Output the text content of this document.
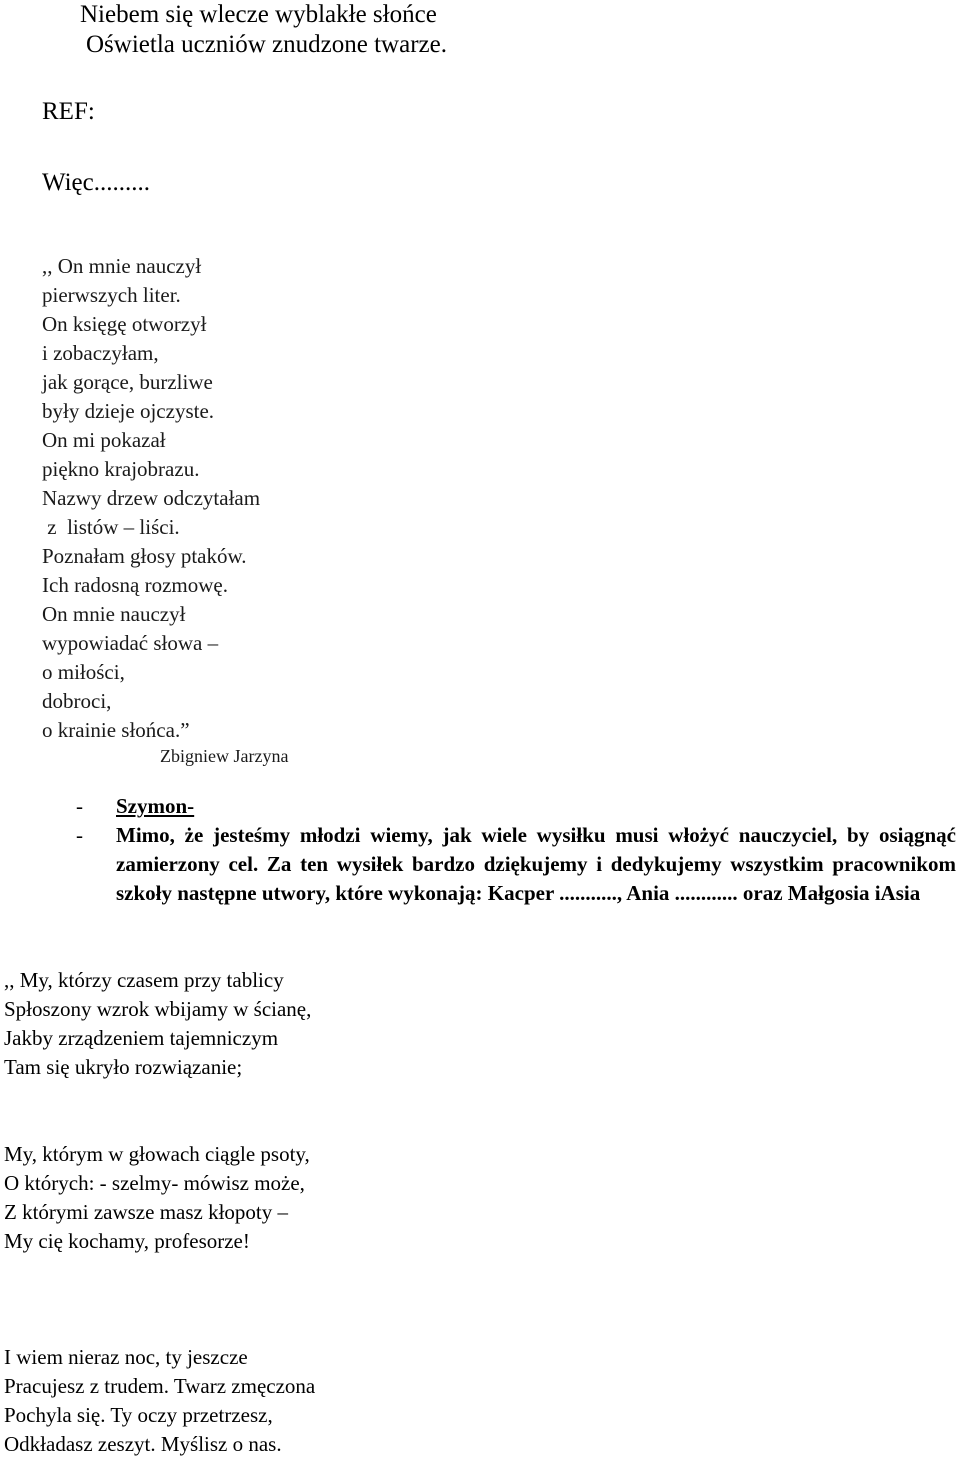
Niebem się wlecze wyblakłe słońce
Oświetla uczniów znudzone twarze.
REF:
Więc.........
,, On mnie nauczył
pierwszych liter.
On księgę otworzył
i zobaczyłam,
jak gorące, burzliwe
były dzieje ojczyste.
On mi pokazał
piękno krajobrazu.
Nazwy drzew odczytałam
z  listów – liści.
Poznałam głosy ptaków.
Ich radosną rozmowę.
On mnie nauczył
wypowiadać słowa –
o miłości,
dobroci,
o krainie słońca.”
Zbigniew Jarzyna
- Szymon-
- Mimo, że jesteśmy młodzi wiemy, jak wiele wysiłku musi włożyć nauczyciel, by osiągnąć zamierzony cel. Za ten wysiłek bardzo dziękujemy i dedykujemy wszystkim pracownikom szkoły następne utwory, które wykonają: Kacper ..........., Ania ............ oraz Małgosia iAsia
,, My, którzy czasem przy tablicy
Spłoszony wzrok wbijamy w ścianę,
Jakby zrządzeniem tajemniczym
Tam się ukryło rozwiązanie;
My, którym w głowach ciągle psoty,
O których: - szelmy- mówisz może,
Z którymi zawsze masz kłopoty –
My cię kochamy, profesorze!
I wiem nieraz noc, ty jeszcze
Pracujesz z trudem. Twarz zmęczona
Pochyla się. Ty oczy przetrzesz,
Odkładasz zeszyt. Myślisz o nas.
